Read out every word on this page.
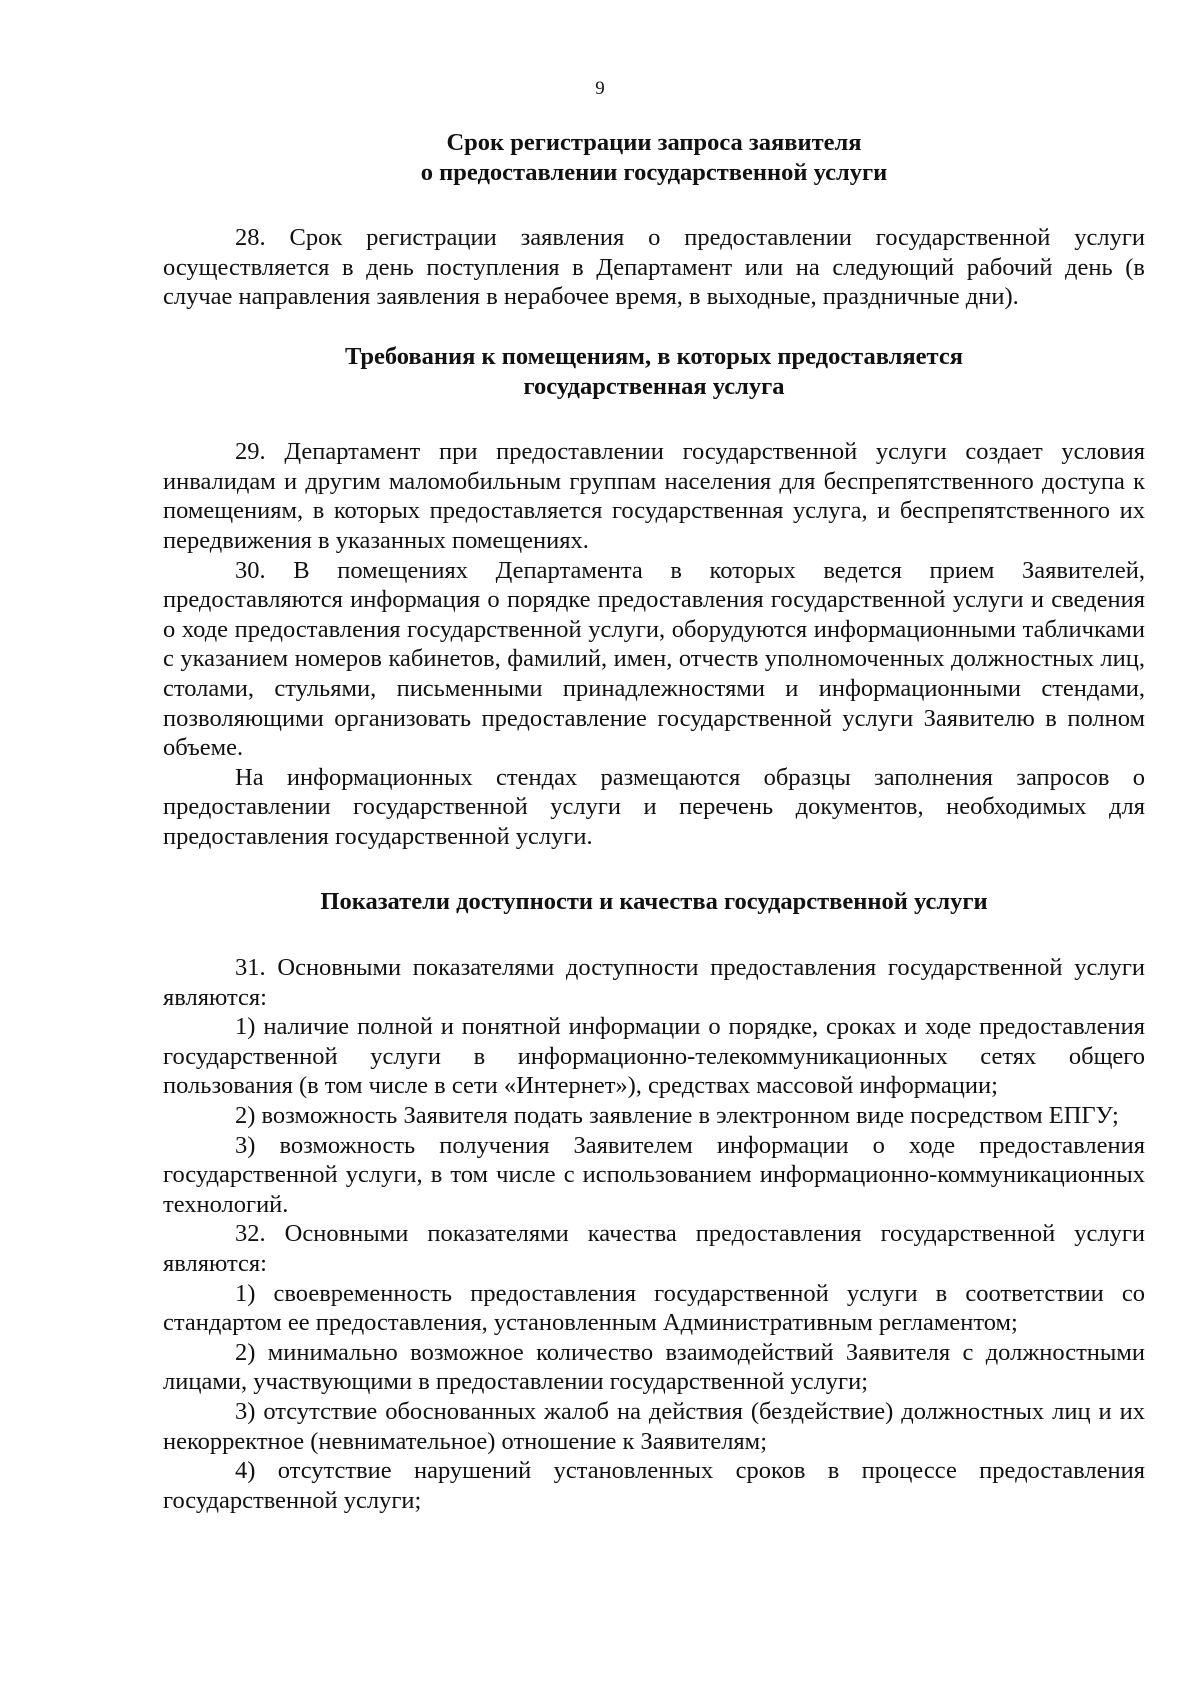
9
Срок регистрации запроса заявителя
о предоставлении государственной услуги

28. Срок регистрации заявления о предоставлении государственной услуги осуществляется в день поступления в Департамент или на следующий рабочий день (в случае направления заявления в нерабочее время, в выходные, праздничные дни).

Требования к помещениям, в которых предоставляется
государственная услуга

29. Департамент при предоставлении государственной услуги создает условия инвалидам и другим маломобильным группам населения для беспрепятственного доступа к помещениям, в которых предоставляется государственная услуга, и беспрепятственного их передвижения в указанных помещениях.

30. В помещениях Департамента в которых ведется прием Заявителей, предоставляются информация о порядке предоставления государственной услуги и сведения о ходе предоставления государственной услуги, оборудуются информационными табличками с указанием номеров кабинетов, фамилий, имен, отчеств уполномоченных должностных лиц, столами, стульями, письменными принадлежностями и информационными стендами, позволяющими организовать предоставление государственной услуги Заявителю в полном объеме.

На информационных стендах размещаются образцы заполнения запросов о предоставлении государственной услуги и перечень документов, необходимых для предоставления государственной услуги.

Показатели доступности и качества государственной услуги

31. Основными показателями доступности предоставления государственной услуги являются:

1) наличие полной и понятной информации о порядке, сроках и ходе предоставления государственной услуги в информационно-телекоммуникационных сетях общего пользования (в том числе в сети «Интернет»), средствах массовой информации;

2) возможность Заявителя подать заявление в электронном виде посредством ЕПГУ;

3) возможность получения Заявителем информации о ходе предоставления государственной услуги, в том числе с использованием информационно-коммуникационных технологий.

32. Основными показателями качества предоставления государственной услуги являются:

1) своевременность предоставления государственной услуги в соответствии со стандартом ее предоставления, установленным Административным регламентом;

2) минимально возможное количество взаимодействий Заявителя с должностными лицами, участвующими в предоставлении государственной услуги;

3) отсутствие обоснованных жалоб на действия (бездействие) должностных лиц и их некорректное (невнимательное) отношение к Заявителям;

4) отсутствие нарушений установленных сроков в процессе предоставления государственной услуги;
